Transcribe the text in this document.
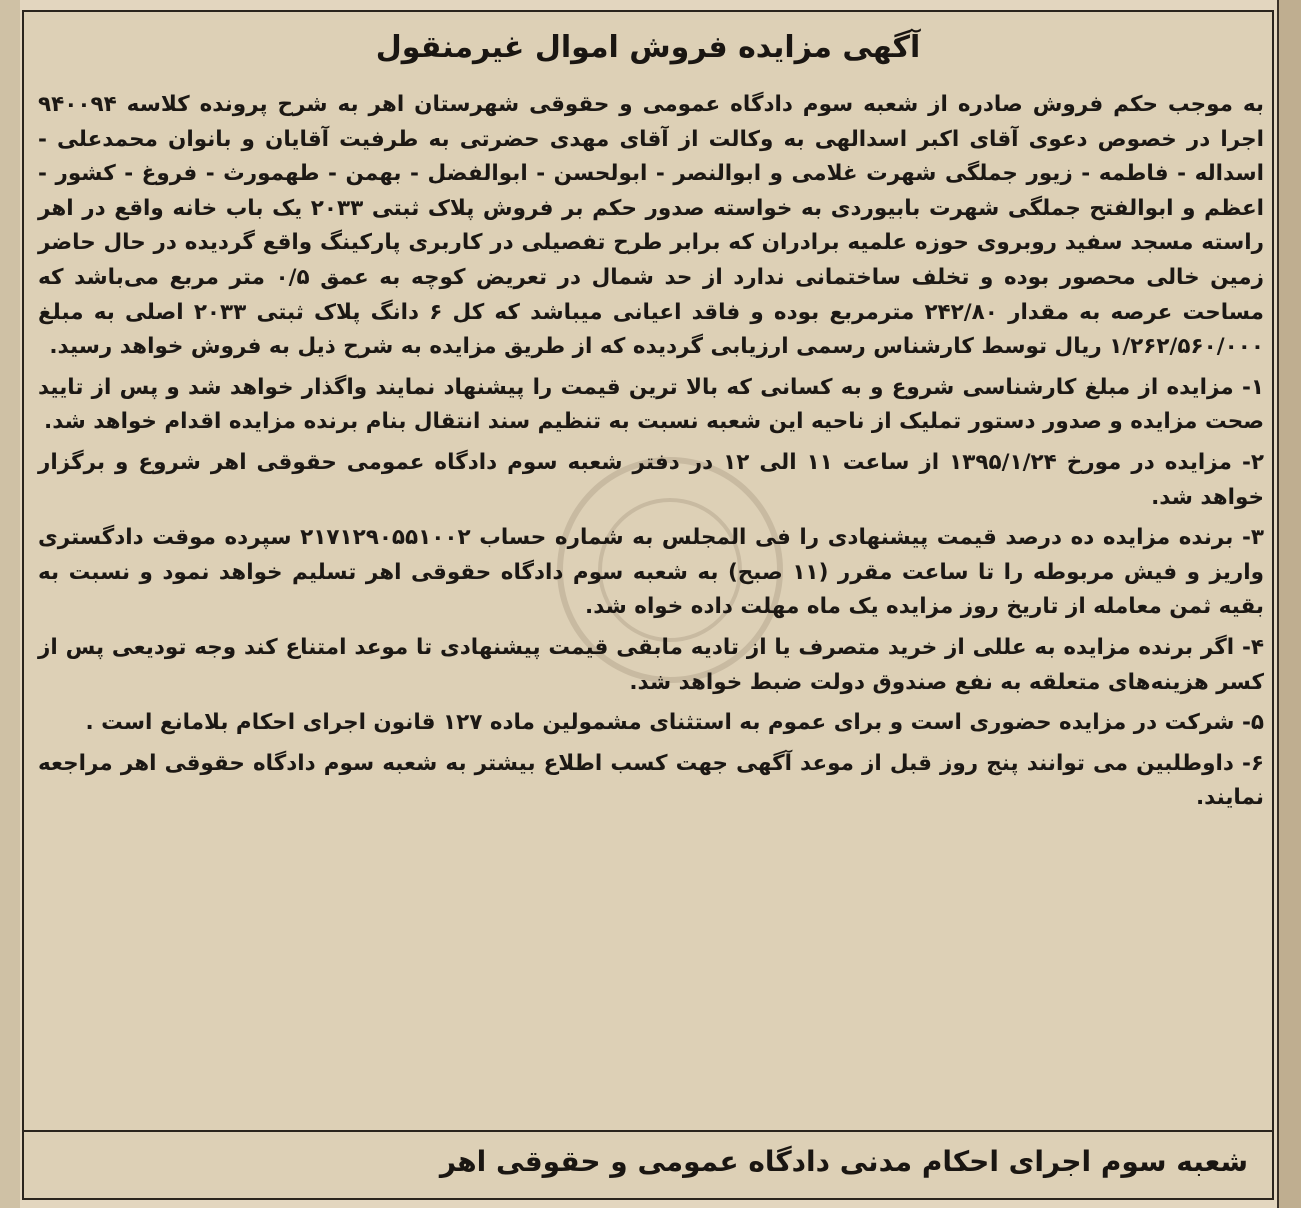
آگهی مزایده فروش اموال غیرمنقول

به موجب حکم فروش صادره از شعبه سوم دادگاه عمومی و حقوقی شهرستان اهر به شرح پرونده کلاسه ۹۴۰۰۹۴ اجرا در خصوص دعوی آقای اکبر اسدالهی به وکالت از آقای مهدی حضرتی به طرفیت آقایان و بانوان محمدعلی - اسداله - فاطمه - زیور جملگی شهرت غلامی و ابوالنصر - ابولحسن - ابوالفضل - بهمن - طهمورث - فروغ - کشور - اعظم و ابوالفتح جملگی شهرت بابیوردی به خواسته صدور حکم بر فروش پلاک ثبتی ۲۰۳۳ یک باب خانه واقع در اهر راسته مسجد سفید روبروی حوزه علمیه برادران که برابر طرح تفصیلی در کاربری پارکینگ واقع گردیده در حال حاضر زمین خالی محصور بوده و تخلف ساختمانی ندارد از حد شمال در تعریض کوچه به عمق ۰/۵ متر مربع می‌باشد که مساحت عرصه به مقدار ۲۴۲/۸۰ مترمربع بوده و فاقد اعیانی میباشد که کل ۶ دانگ پلاک ثبتی ۲۰۳۳ اصلی به مبلغ ۱/۲۶۲/۵۶۰/۰۰۰ ریال توسط کارشناس رسمی ارزیابی گردیده که از طریق مزایده به شرح ذیل به فروش خواهد رسید.

۱- مزایده از مبلغ کارشناسی شروع و به کسانی که بالا ترین قیمت را پیشنهاد نمایند واگذار خواهد شد و پس از تایید صحت مزایده و صدور دستور تملیک از ناحیه این شعبه نسبت به تنظیم سند انتقال بنام برنده مزایده اقدام خواهد شد.

۲- مزایده در مورخ ۱۳۹۵/۱/۲۴ از ساعت ۱۱ الی ۱۲ در دفتر شعبه سوم دادگاه عمومی حقوقی اهر شروع و برگزار خواهد شد.

۳- برنده مزایده ده درصد قیمت پیشنهادی را فی المجلس به شماره حساب ۲۱۷۱۲۹۰۵۵۱۰۰۲ سپرده موقت دادگستری واریز و فیش مربوطه را تا ساعت مقرر (۱۱ صبح) به شعبه سوم دادگاه حقوقی اهر تسلیم خواهد نمود و نسبت به بقیه ثمن معامله از تاریخ روز مزایده یک ماه مهلت داده خواه شد.

۴- اگر برنده مزایده به عللی از خرید متصرف یا از تادیه مابقی قیمت پیشنهادی تا موعد امتناع کند وجه تودیعی پس از کسر هزینه‌های متعلقه به نفع صندوق دولت ضبط خواهد شد.

۵- شرکت در مزایده حضوری است و برای عموم به استثنای مشمولین ماده ۱۲۷ قانون اجرای احکام بلامانع است .

۶- داوطلبین می توانند پنج روز قبل از موعد آگهی جهت کسب اطلاع بیشتر به شعبه سوم دادگاه حقوقی اهر مراجعه نمایند.

شعبه سوم اجرای احکام مدنی دادگاه عمومی و حقوقی اهر
